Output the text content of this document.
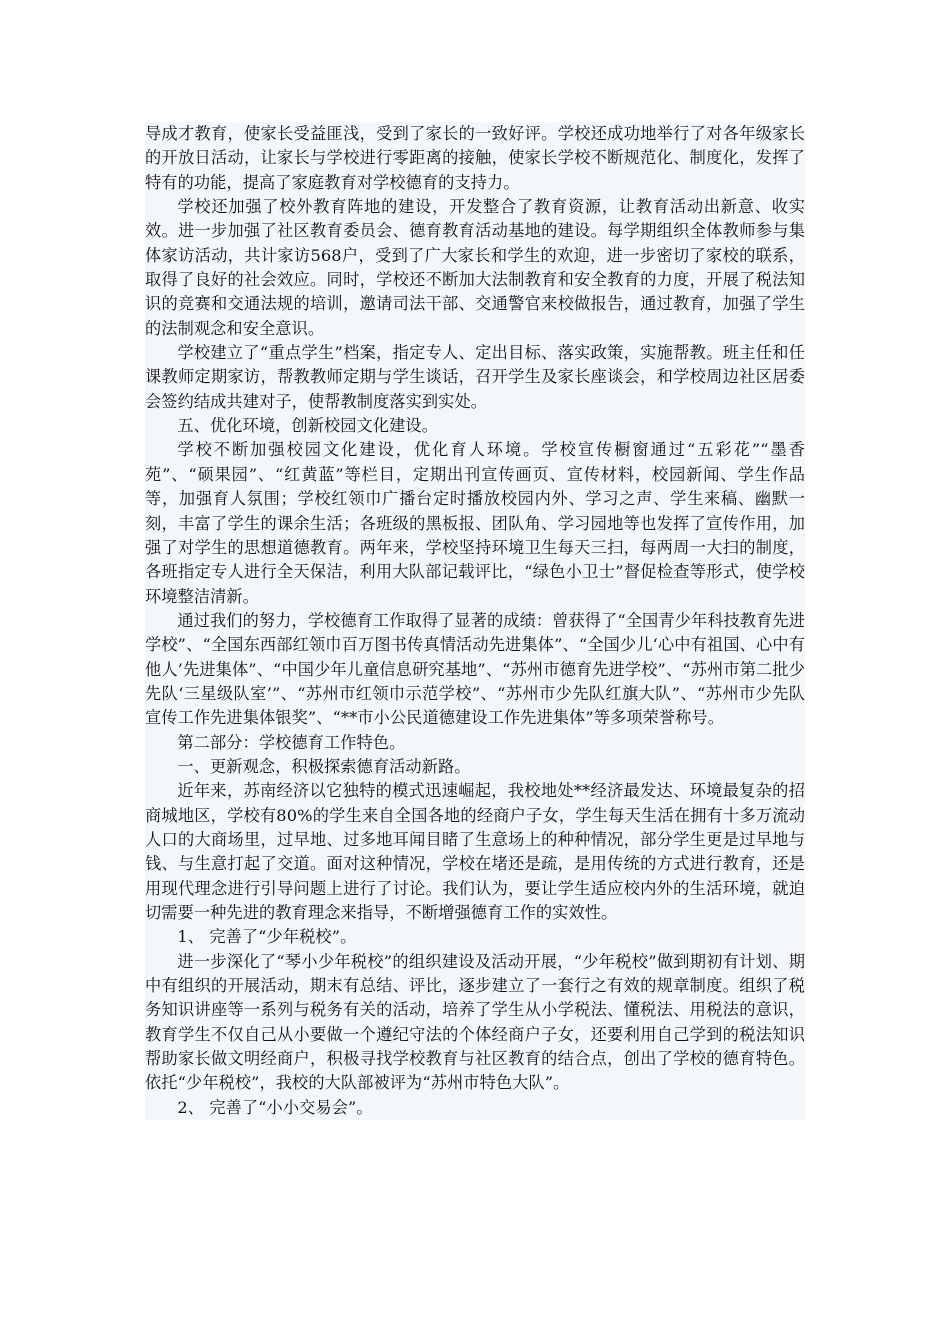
导成才教育，使家长受益匪浅，受到了家长的一致好评。学校还成功地举行了对各年级家长的开放日活动，让家长与学校进行零距离的接触，使家长学校不断规范化、制度化，发挥了特有的功能，提高了家庭教育对学校德育的支持力。

学校还加强了校外教育阵地的建设，开发整合了教育资源，让教育活动出新意、收实效。进一步加强了社区教育委员会、德育教育活动基地的建设。每学期组织全体教师参与集体家访活动，共计家访568户，受到了广大家长和学生的欢迎，进一步密切了家校的联系，取得了良好的社会效应。同时，学校还不断加大法制教育和安全教育的力度，开展了税法知识的竞赛和交通法规的培训，邀请司法干部、交通警官来校做报告，通过教育，加强了学生的法制观念和安全意识。

学校建立了“重点学生”档案，指定专人、定出目标、落实政策，实施帮教。班主任和任课教师定期家访，帮教教师定期与学生谈话，召开学生及家长座谈会，和学校周边社区居委会签约结成共建对子，使帮教制度落实到实处。

五、优化环境，创新校园文化建设。

学校不断加强校园文化建设，优化育人环境。学校宣传橱窗通过“五彩花”“墨香苑”、“硕果园”、“红黄蓝”等栏目，定期出刊宣传画页、宣传材料，校园新闻、学生作品等，加强育人氛围；学校红领巾广播台定时播放校园内外、学习之声、学生来稿、幽默一刻，丰富了学生的课余生活；各班级的黑板报、团队角、学习园地等也发挥了宣传作用，加强了对学生的思想道德教育。两年来，学校坚持环境卫生每天三扫，每两周一大扫的制度，各班指定专人进行全天保洁，利用大队部记载评比，“绿色小卫士”督促检查等形式，使学校环境整洁清新。

通过我们的努力，学校德育工作取得了显著的成绩：曾获得了“全国青少年科技教育先进学校”、“全国东西部红领巾百万图书传真情活动先进集体”、“全国少儿‘心中有祖国、心中有他人’先进集体”、“中国少年儿童信息研究基地”、“苏州市德育先进学校”、“苏州市第二批少先队‘三星级队室’”、“苏州市红领巾示范学校”、“苏州市少先队红旗大队”、“苏州市少先队宣传工作先进集体银奖”、“**市小公民道德建设工作先进集体”等多项荣誉称号。

第二部分：学校德育工作特色。

一、更新观念，积极探索德育活动新路。

近年来，苏南经济以它独特的模式迅速崛起，我校地处**经济最发达、环境最复杂的招商城地区，学校有80%的学生来自全国各地的经商户子女，学生每天生活在拥有十多万流动人口的大商场里，过早地、过多地耳闻目睹了生意场上的种种情况，部分学生更是过早地与钱、与生意打起了交道。面对这种情况，学校在堵还是疏，是用传统的方式进行教育，还是用现代理念进行引导问题上进行了讨论。我们认为，要让学生适应校内外的生活环境，就迫切需要一种先进的教育理念来指导，不断增强德育工作的实效性。

1、 完善了“少年税校”。

进一步深化了“琴小少年税校”的组织建设及活动开展，“少年税校”做到期初有计划、期中有组织的开展活动，期末有总结、评比，逐步建立了一套行之有效的规章制度。组织了税务知识讲座等一系列与税务有关的活动，培养了学生从小学税法、懂税法、用税法的意识，教育学生不仅自己从小要做一个遵纪守法的个体经商户子女，还要利用自己学到的税法知识帮助家长做文明经商户，积极寻找学校教育与社区教育的结合点，创出了学校的德育特色。依托“少年税校”，我校的大队部被评为“苏州市特色大队”。

2、 完善了“小小交易会”。
